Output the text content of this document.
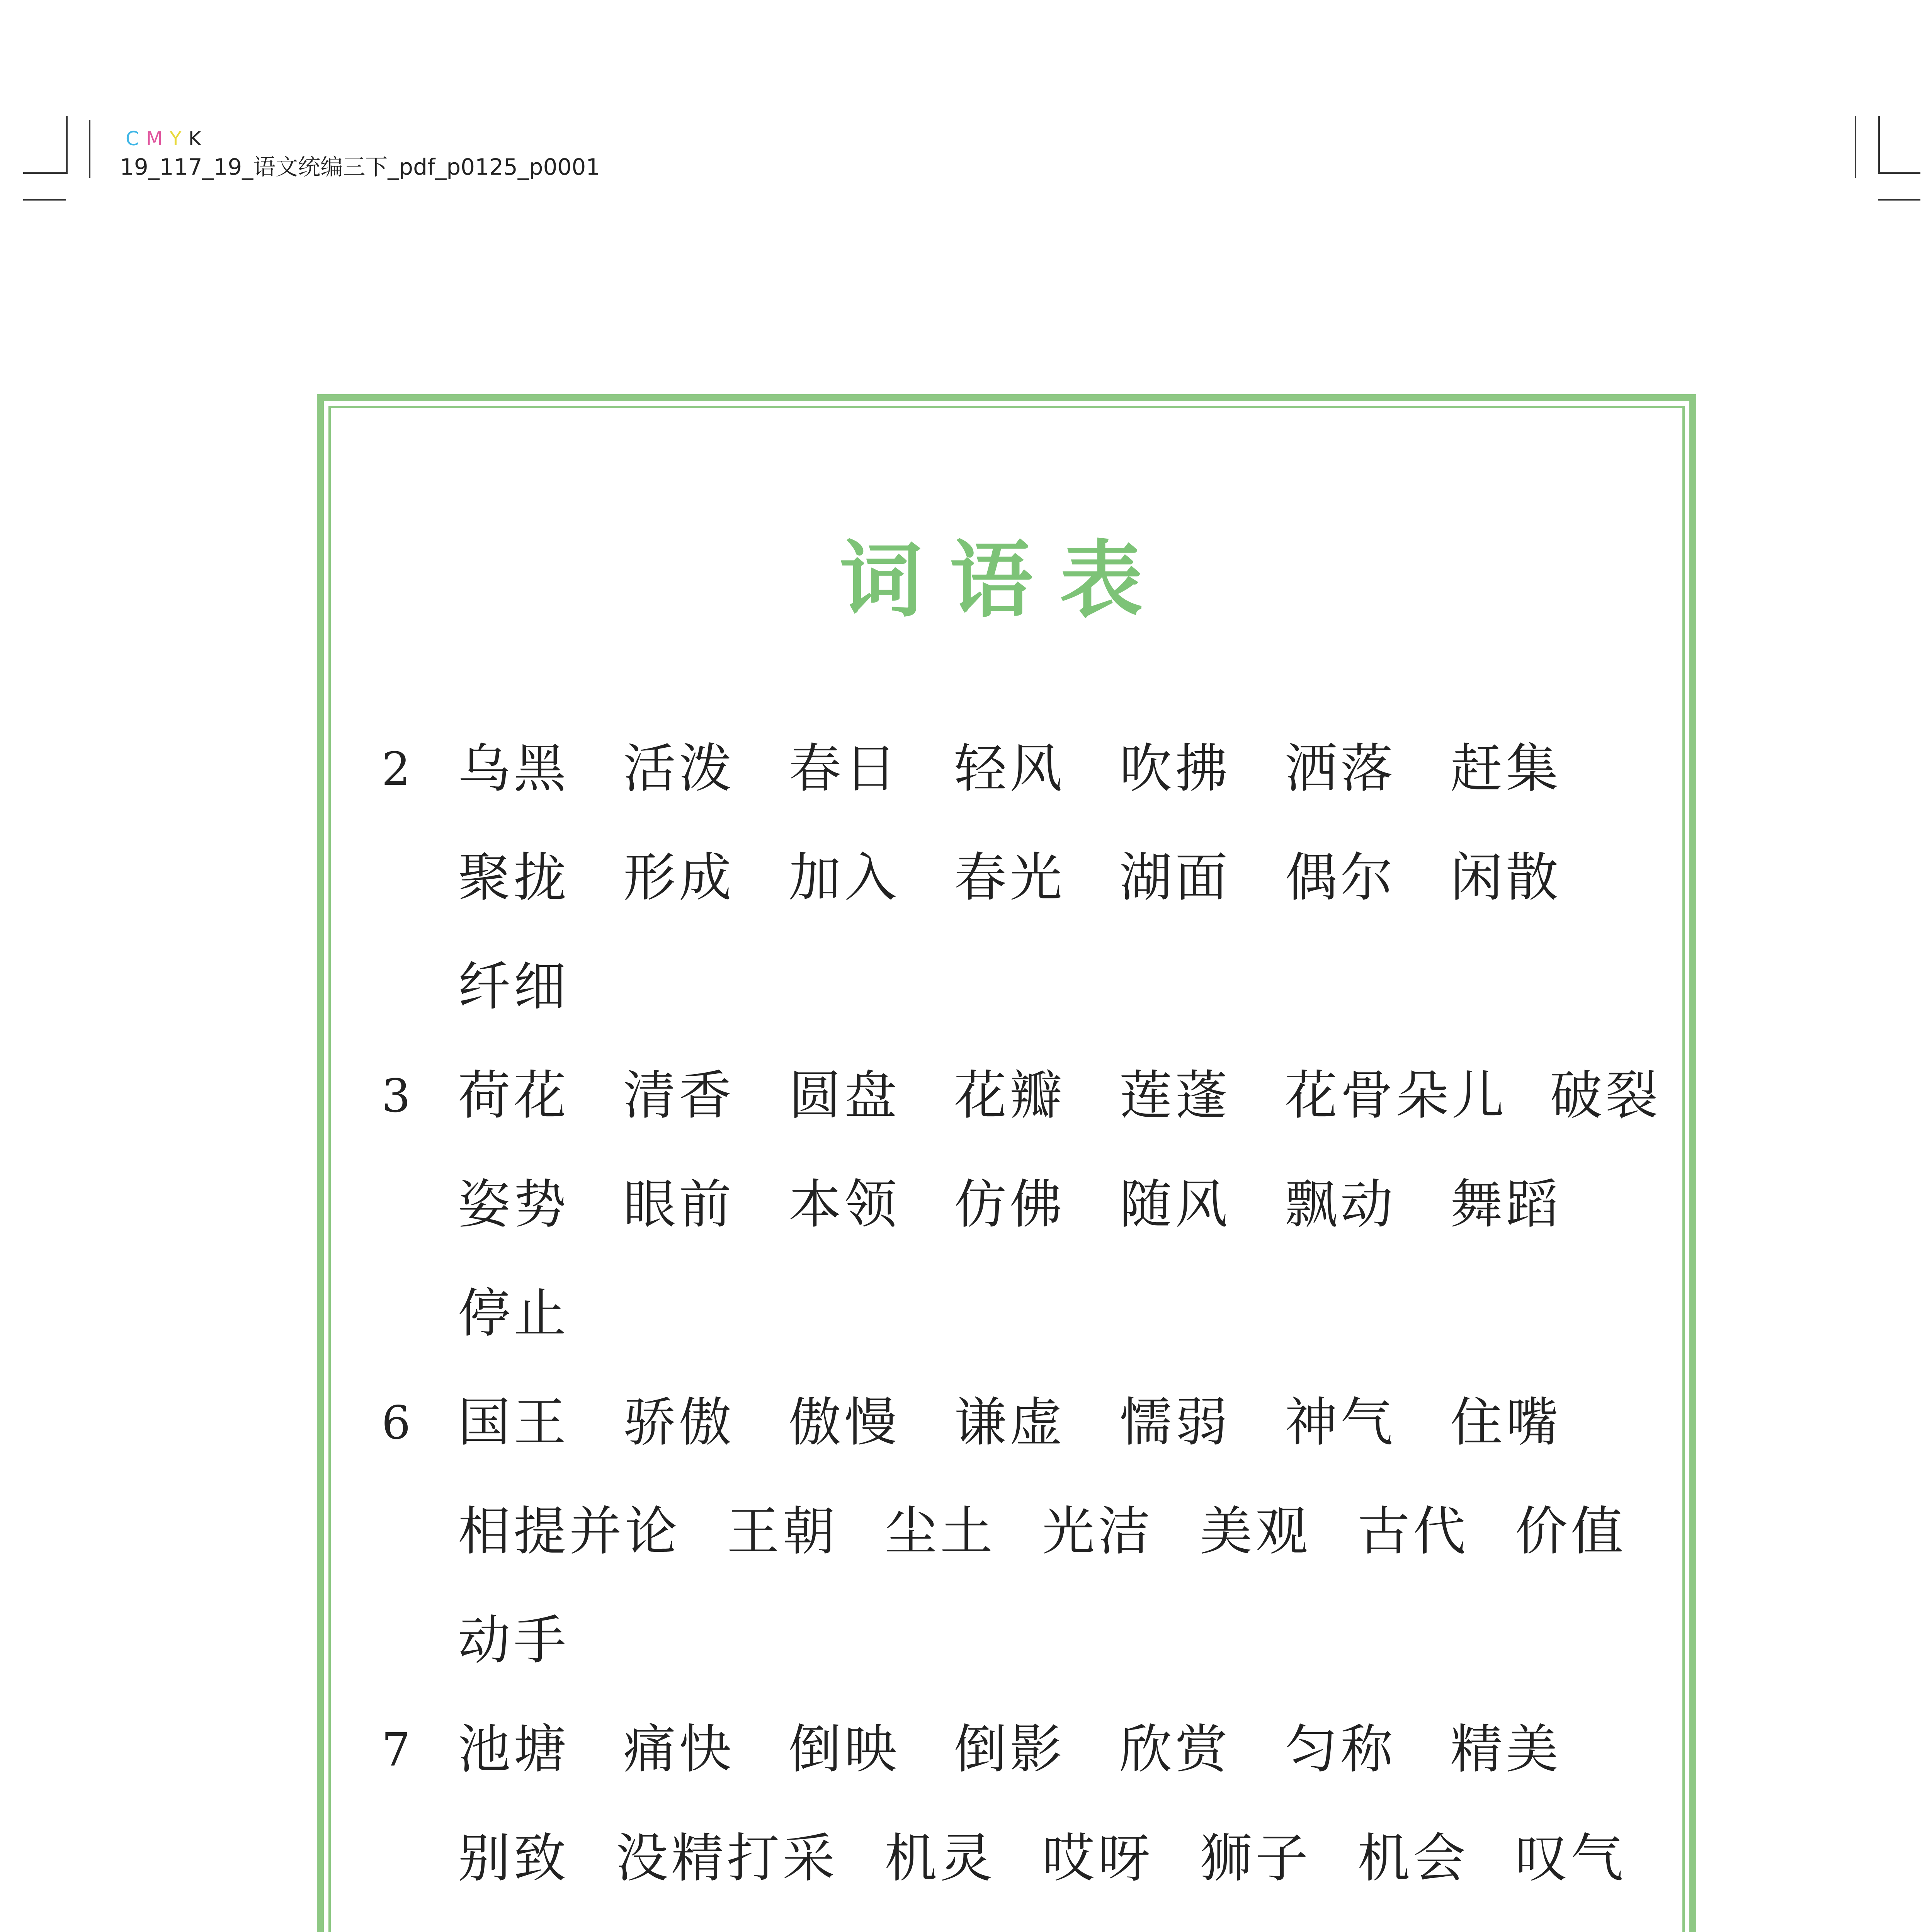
C M Y K
19_117_19_语文统编三下_pdf_p0125_p0001
词语表
2 乌黑 活泼 春日 轻风 吹拂 洒落 赶集
聚拢 形成 加入 春光 湖面 偶尔 闲散
纤细
3 荷花 清香 圆盘 花瓣 莲蓬 花骨朵儿 破裂
姿势 眼前 本领 仿佛 随风 飘动 舞蹈
停止
6 国王 骄傲 傲慢 谦虚 懦弱 神气 住嘴
相提并论 王朝 尘土 光洁 美观 古代 价值
动手
7 池塘 痛快 倒映 倒影 欣赏 匀称 精美
别致 没精打采 机灵 哎呀 狮子 机会 叹气
